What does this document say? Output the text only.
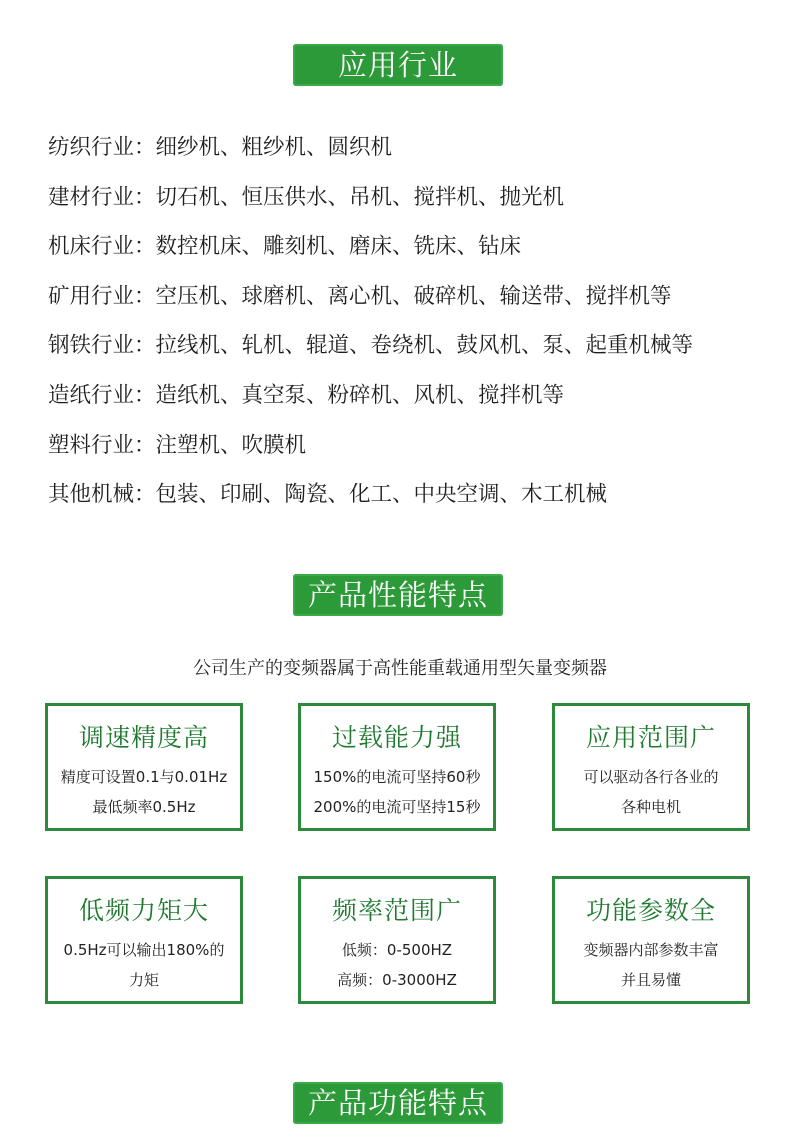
应用行业
纺织行业：细纱机、粗纱机、圆织机
建材行业：切石机、恒压供水、吊机、搅拌机、抛光机
机床行业：数控机床、雕刻机、磨床、铣床、钻床
矿用行业：空压机、球磨机、离心机、破碎机、输送带、搅拌机等
钢铁行业：拉线机、轧机、辊道、卷绕机、鼓风机、泵、起重机械等
造纸行业：造纸机、真空泵、粉碎机、风机、搅拌机等
塑料行业：注塑机、吹膜机
其他机械：包装、印刷、陶瓷、化工、中央空调、木工机械
产品性能特点
公司生产的变频器属于高性能重载通用型矢量变频器
调速精度高
精度可设置0.1与0.01Hz
最低频率0.5Hz
过载能力强
150%的电流可坚持60秒
200%的电流可坚持15秒
应用范围广
可以驱动各行各业的
各种电机
低频力矩大
0.5Hz可以输出180%的
力矩
频率范围广
低频：0-500HZ
高频：0-3000HZ
功能参数全
变频器内部参数丰富
并且易懂
产品功能特点
